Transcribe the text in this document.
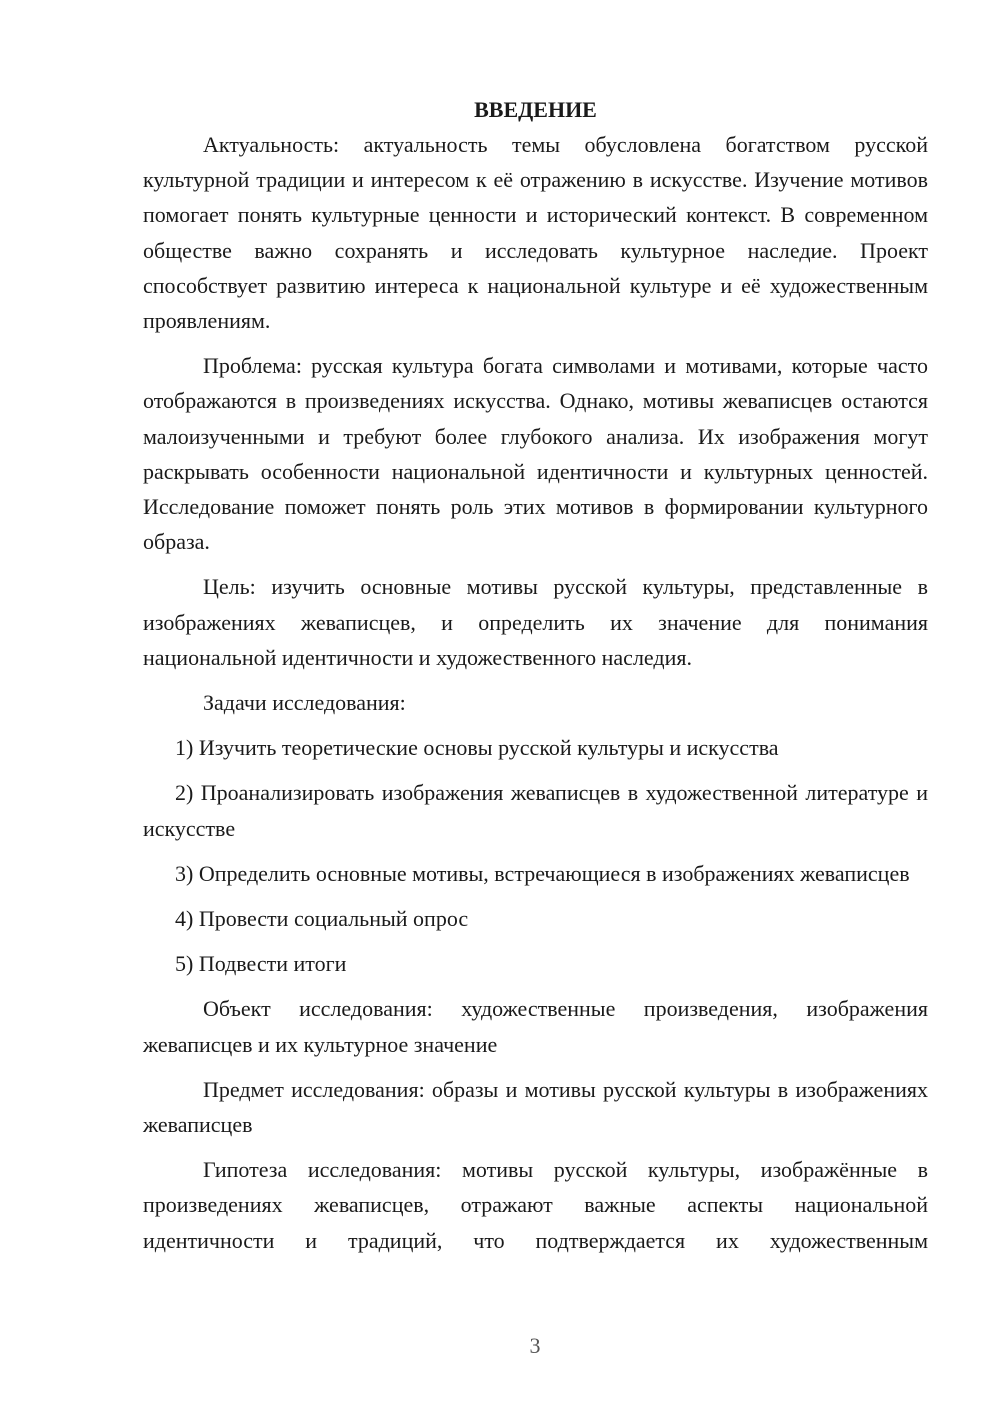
ВВЕДЕНИЕ

Актуальность: актуальность темы обусловлена богатством русской культурной традиции и интересом к её отражению в искусстве. Изучение мотивов помогает понять культурные ценности и исторический контекст. В современном обществе важно сохранять и исследовать культурное наследие. Проект способствует развитию интереса к национальной культуре и её художественным проявлениям.

Проблема: русская культура богата символами и мотивами, которые часто отображаются в произведениях искусства. Однако, мотивы жеваписцев остаются малоизученными и требуют более глубокого анализа. Их изображения могут раскрывать особенности национальной идентичности и культурных ценностей. Исследование поможет понять роль этих мотивов в формировании культурного образа.

Цель: изучить основные мотивы русской культуры, представленные в изображениях жеваписцев, и определить их значение для понимания национальной идентичности и художественного наследия.

Задачи исследования:

1) Изучить теоретические основы русской культуры и искусства

2) Проанализировать изображения жеваписцев в художественной литературе и искусстве

3) Определить основные мотивы, встречающиеся в изображениях жеваписцев

4) Провести социальный опрос

5) Подвести итоги

Объект исследования: художественные произведения, изображения жеваписцев и их культурное значение

Предмет исследования: образы и мотивы русской культуры в изображениях жеваписцев

Гипотеза исследования: мотивы русской культуры, изображённые в произведениях жеваписцев, отражают важные аспекты национальной идентичности и традиций, что подтверждается их художественным

3
